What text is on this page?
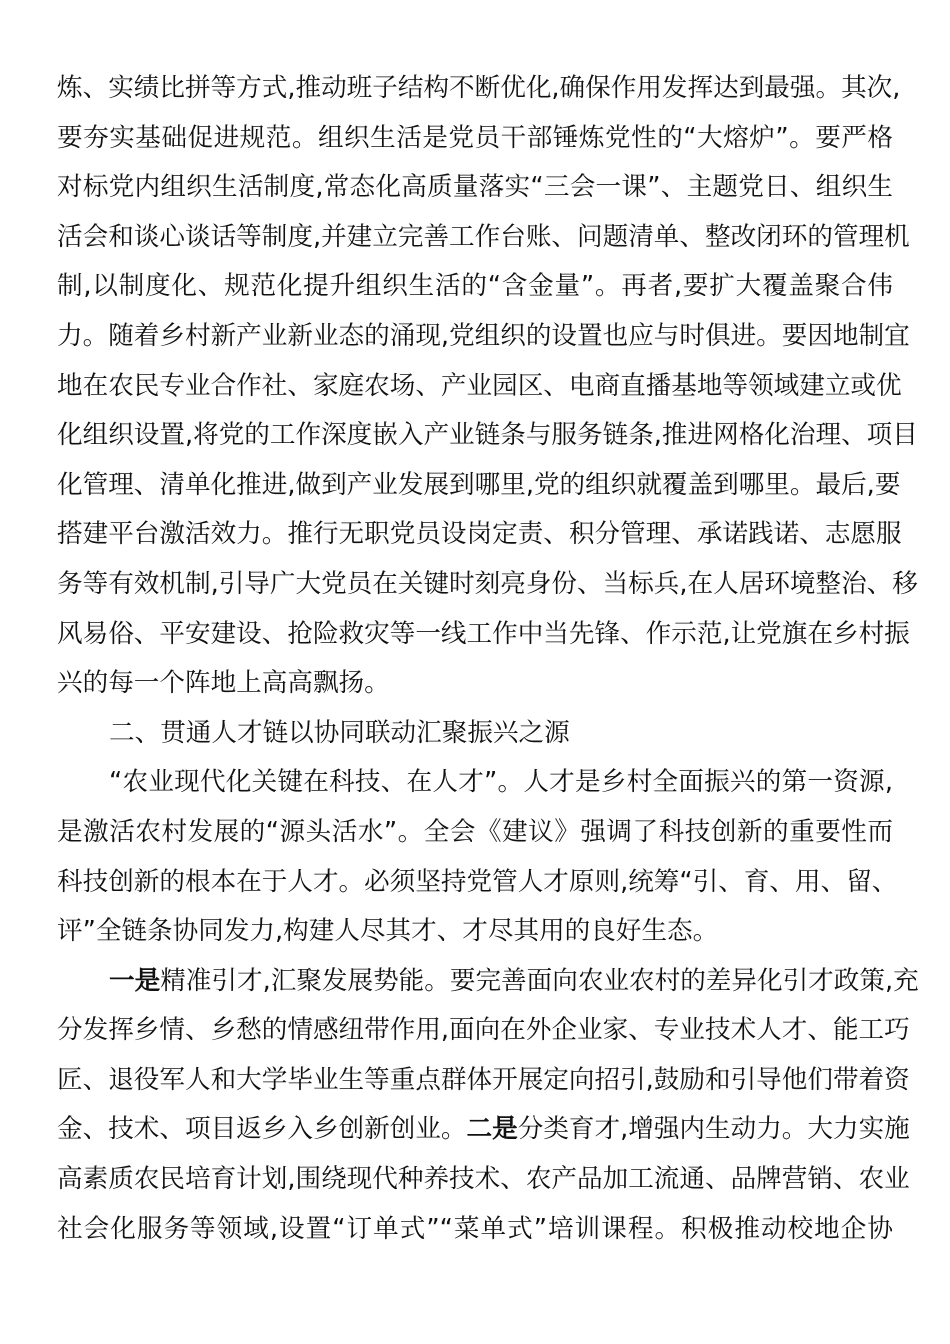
炼、实绩比拼等方式,推动班子结构不断优化,确保作用发挥达到最强。其次,
要夯实基础促进规范。组织生活是党员干部锤炼党性的“大熔炉”。要严格
对标党内组织生活制度,常态化高质量落实“三会一课”、主题党日、组织生
活会和谈心谈话等制度,并建立完善工作台账、问题清单、整改闭环的管理机
制,以制度化、规范化提升组织生活的“含金量”。再者,要扩大覆盖聚合伟
力。随着乡村新产业新业态的涌现,党组织的设置也应与时俱进。要因地制宜
地在农民专业合作社、家庭农场、产业园区、电商直播基地等领域建立或优
化组织设置,将党的工作深度嵌入产业链条与服务链条,推进网格化治理、项目
化管理、清单化推进,做到产业发展到哪里,党的组织就覆盖到哪里。最后,要
搭建平台激活效力。推行无职党员设岗定责、积分管理、承诺践诺、志愿服
务等有效机制,引导广大党员在关键时刻亮身份、当标兵,在人居环境整治、移
风易俗、平安建设、抢险救灾等一线工作中当先锋、作示范,让党旗在乡村振
兴的每一个阵地上高高飘扬。
二、贯通人才链以协同联动汇聚振兴之源
“农业现代化关键在科技、在人才”。人才是乡村全面振兴的第一资源,
是激活农村发展的“源头活水”。全会《建议》强调了科技创新的重要性而
科技创新的根本在于人才。必须坚持党管人才原则,统筹“引、育、用、留、
评”全链条协同发力,构建人尽其才、才尽其用的良好生态。
一是精准引才,汇聚发展势能。要完善面向农业农村的差异化引才政策,充
分发挥乡情、乡愁的情感纽带作用,面向在外企业家、专业技术人才、能工巧
匠、退役军人和大学毕业生等重点群体开展定向招引,鼓励和引导他们带着资
金、技术、项目返乡入乡创新创业。二是分类育才,增强内生动力。大力实施
高素质农民培育计划,围绕现代种养技术、农产品加工流通、品牌营销、农业
社会化服务等领域,设置“订单式”“菜单式”培训课程。积极推动校地企协
